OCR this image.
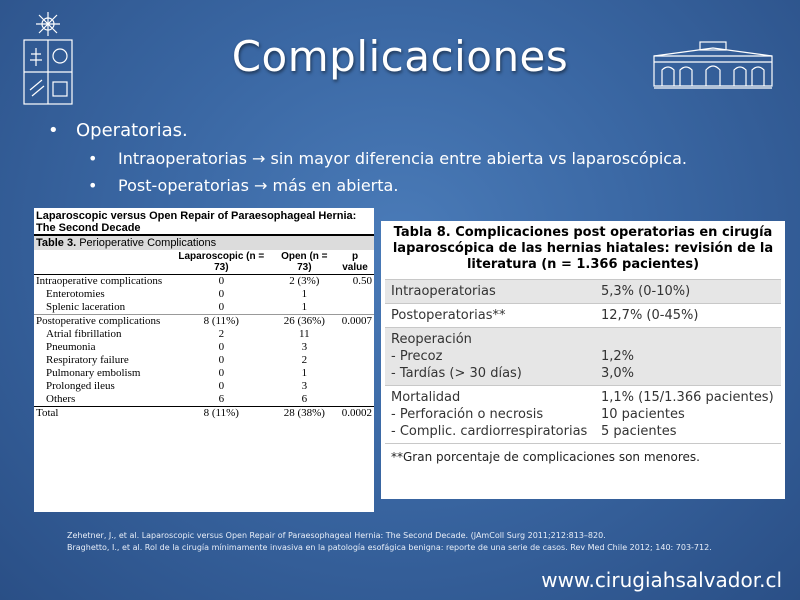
Complicaciones
• Operatorias.
•	Intraoperatorias → sin mayor diferencia entre abierta vs laparoscópica.
•	Post-operatorias → más en abierta.
Laparoscopic versus Open Repair of Paraesophageal Hernia: The Second Decade
Table 3. Perioperative Complications
	Laparoscopic (n = 73)	Open (n = 73)	p value
Intraoperative complications	0	2 (3%)	0.50
Enterotomies	0	1	
Splenic laceration	0	1	
Postoperative complications	8 (11%)	26 (36%)	0.0007
Atrial fibrillation	2	11	
Pneumonia	0	3	
Respiratory failure	0	2	
Pulmonary embolism	0	1	
Prolonged ileus	0	3	
Others	6	6	
Total	8 (11%)	28 (38%)	0.0002
Tabla 8. Complicaciones post operatorias en cirugía laparoscópica de las hernias hiatales: revisión de la literatura (n = 1.366 pacientes)
Intraoperatorias	5,3% (0-10%)
Postoperatorias**	12,7% (0-45%)
Reoperación
- Precoz	1,2%
- Tardías (> 30 días)	3,0%
Mortalidad	1,1% (15/1.366 pacientes)
- Perforación o necrosis	10 pacientes
- Complic. cardiorrespiratorias	5 pacientes
**Gran porcentaje de complicaciones son menores.
Zehetner, J., et al. Laparoscopic versus Open Repair of Paraesophageal Hernia: The Second Decade. (JAmColl Surg 2011;212:813–820.
Braghetto, I., et al. Rol de la cirugía mínimamente invasiva en la patología esofágica benigna: reporte de una serie de casos. Rev Med Chile 2012; 140: 703-712.
www.cirugiahsalvador.cl
